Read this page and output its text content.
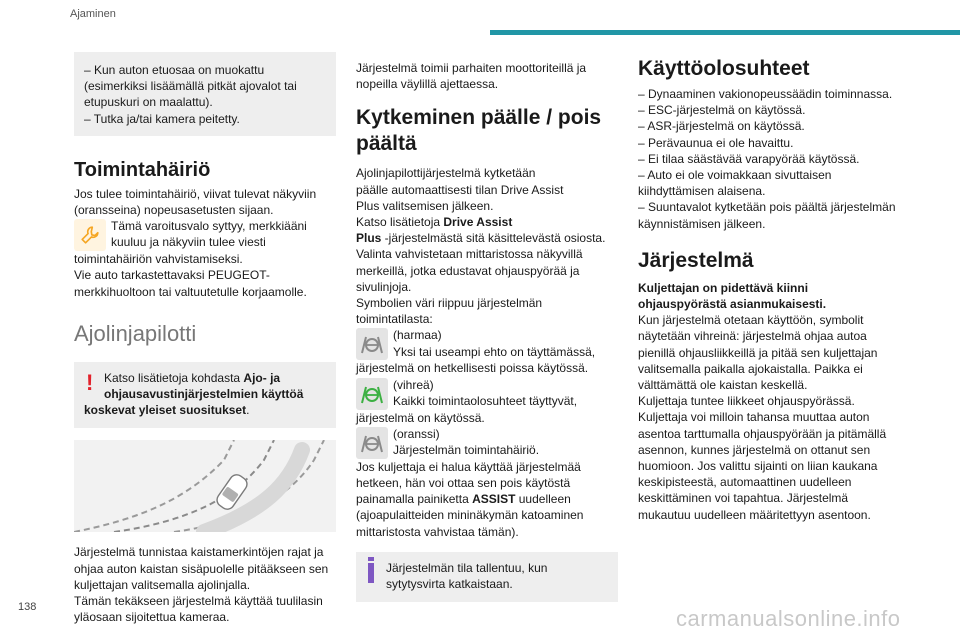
Ajaminen

– Kun auton etuosaa on muokattu

(esimerkiksi lisäämällä pitkät ajovalot tai

etupuskuri on maalattu).

– Tutka ja/tai kamera peitetty.

Toimintahäiriö

Jos tulee toimintahäiriö, viivat tulevat näkyviin

(oransseina) nopeusasetusten sijaan.

Tämä varoitusvalo syttyy, merkkiääni

kuuluu ja näkyviin tulee viesti

toimintahäiriön vahvistamiseksi.

Vie auto tarkastettavaksi PEUGEOT-

merkkihuoltoon tai valtuutetulle korjaamolle.

Ajolinjapilotti
! Katso lisätietoja kohdasta Ajo- ja

ohjausavustinjärjestelmien käyttöä

koskevat yleiset suositukset.

Järjestelmä tunnistaa kaistamerkintöjen rajat ja

ohjaa auton kaistan sisäpuolelle pitääkseen sen

kuljettajan valitsemalla ajolinjalla.

Tämän tekäkseen järjestelmä käyttää tuulilasin

yläosaan sijoitettua kameraa.

Järjestelmä toimii parhaiten moottoriteillä ja

nopeilla väylillä ajettaessa.

Kytkeminen päälle / pois
päältä

Ajolinjapilottijärjestelmä kytketään

päälle automaattisesti tilan Drive Assist

Plus valitsemisen jälkeen.

Katso lisätietoja Drive Assist

Plus -järjestelmästä sitä käsittelevästä osiosta.

Valinta vahvistetaan mittaristossa näkyvillä

merkeillä, jotka edustavat ohjauspyörää ja

sivulinjoja.

Symbolien väri riippuu järjestelmän

toimintatilasta:

(harmaa)

Yksi tai useampi ehto on täyttämässä,

järjestelmä on hetkellisesti poissa käytössä.

(vihreä)

Kaikki toimintaolosuhteet täyttyvät,

järjestelmä on käytössä.

(oranssi)

Järjestelmän toimintahäiriö.

Jos kuljettaja ei halua käyttää järjestelmää

hetkeen, hän voi ottaa sen pois käytöstä

painamalla painiketta ASSIST uudelleen

(ajoapulaitteiden mininäkymän katoaminen

mittaristosta vahvistaa tämän).

Järjestelmän tila tallentuu, kun

sytytysvirta katkaistaan.

Käyttöolosuhteet

– Dynaaminen vakionopeussäädin toiminnassa.

– ESC-järjestelmä on käytössä.

– ASR-järjestelmä on käytössä.

– Perävaunua ei ole havaittu.

– Ei tilaa säästävää varapyörää käytössä.

– Auto ei ole voimakkaan sivuttaisen

kiihdyttämisen alaisena.

– Suuntavalot kytketään pois päältä järjestelmän

käynnistämisen jälkeen.

Järjestelmä

Kuljettajan on pidettävä kiinni

ohjauspyörästä asianmukaisesti.

Kun järjestelmä otetaan käyttöön, symbolit

näytetään vihreinä: järjestelmä ohjaa autoa

pienillä ohjausliikkeillä ja pitää sen kuljettajan

valitsemalla paikalla ajokaistalla. Paikka ei

välttämättä ole kaistan keskellä.

Kuljettaja tuntee liikkeet ohjauspyörässä.

Kuljettaja voi milloin tahansa muuttaa auton

asentoa tarttumalla ohjauspyörään ja pitämällä

asennon, kunnes järjestelmä on ottanut sen

huomioon. Jos valittu sijainti on liian kaukana

keskipisteestä, automaattinen uudelleen

keskittäminen voi tapahtua. Järjestelmä

mukautuu uudelleen määritettyyn asentoon.

138	carmanualsonline.info
